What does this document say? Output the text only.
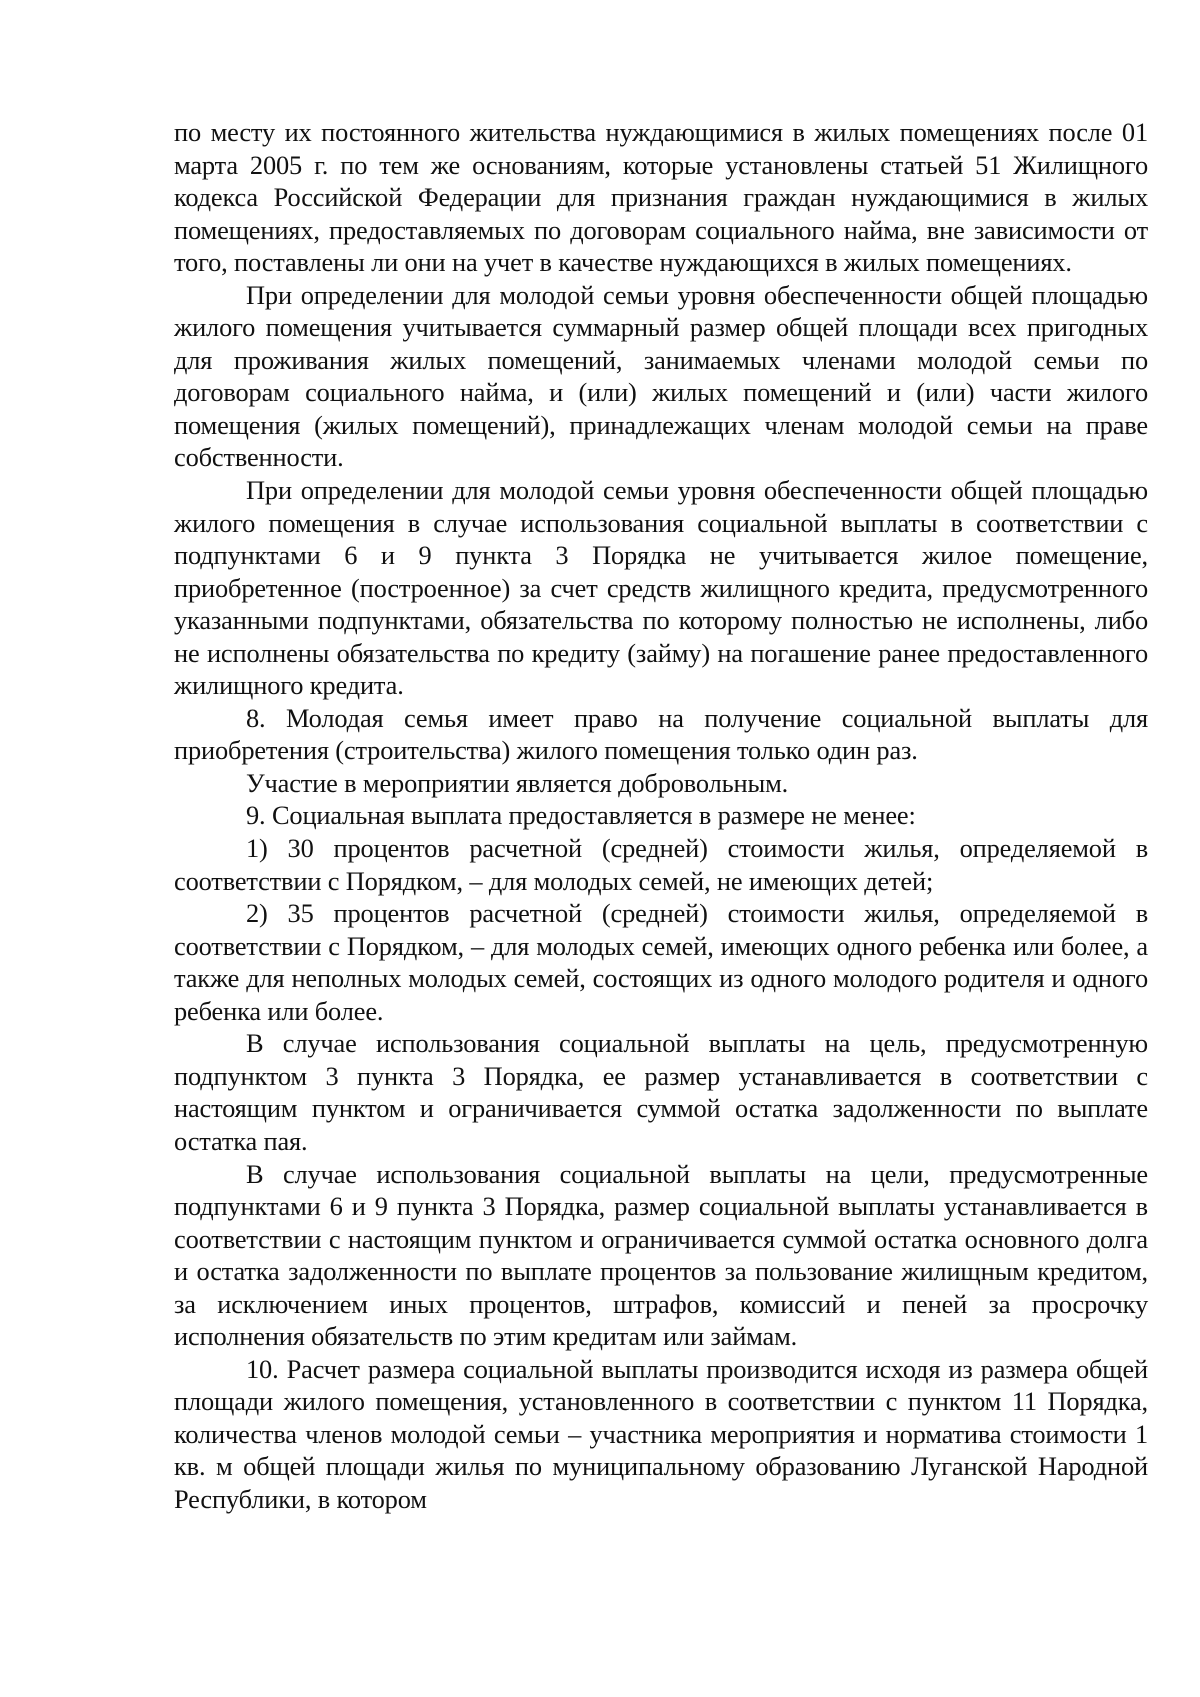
по месту их постоянного жительства нуждающимися в жилых помещениях после 01 марта 2005 г. по тем же основаниям, которые установлены статьей 51 Жилищного кодекса Российской Федерации для признания граждан нуждающимися в жилых помещениях, предоставляемых по договорам социального найма, вне зависимости от того, поставлены ли они на учет в качестве нуждающихся в жилых помещениях.

При определении для молодой семьи уровня обеспеченности общей площадью жилого помещения учитывается суммарный размер общей площади всех пригодных для проживания жилых помещений, занимаемых членами молодой семьи по договорам социального найма, и (или) жилых помещений и (или) части жилого помещения (жилых помещений), принадлежащих членам молодой семьи на праве собственности.

При определении для молодой семьи уровня обеспеченности общей площадью жилого помещения в случае использования социальной выплаты в соответствии с подпунктами 6 и 9 пункта 3 Порядка не учитывается жилое помещение, приобретенное (построенное) за счет средств жилищного кредита, предусмотренного указанными подпунктами, обязательства по которому полностью не исполнены, либо не исполнены обязательства по кредиту (займу) на погашение ранее предоставленного жилищного кредита.

8. Молодая семья имеет право на получение социальной выплаты для приобретения (строительства) жилого помещения только один раз.

Участие в мероприятии является добровольным.

9. Социальная выплата предоставляется в размере не менее:

1) 30 процентов расчетной (средней) стоимости жилья, определяемой в соответствии с Порядком, – для молодых семей, не имеющих детей;

2) 35 процентов расчетной (средней) стоимости жилья, определяемой в соответствии с Порядком, – для молодых семей, имеющих одного ребенка или более, а также для неполных молодых семей, состоящих из одного молодого родителя и одного ребенка или более.

В случае использования социальной выплаты на цель, предусмотренную подпунктом 3 пункта 3 Порядка, ее размер устанавливается в соответствии с настоящим пунктом и ограничивается суммой остатка задолженности по выплате остатка пая.

В случае использования социальной выплаты на цели, предусмотренные подпунктами 6 и 9 пункта 3 Порядка, размер социальной выплаты устанавливается в соответствии с настоящим пунктом и ограничивается суммой остатка основного долга и остатка задолженности по выплате процентов за пользование жилищным кредитом, за исключением иных процентов, штрафов, комиссий и пеней за просрочку исполнения обязательств по этим кредитам или займам.

10. Расчет размера социальной выплаты производится исходя из размера общей площади жилого помещения, установленного в соответствии с пунктом 11 Порядка, количества членов молодой семьи – участника мероприятия и норматива стоимости 1 кв. м общей площади жилья по муниципальному образованию Луганской Народной Республики, в котором
